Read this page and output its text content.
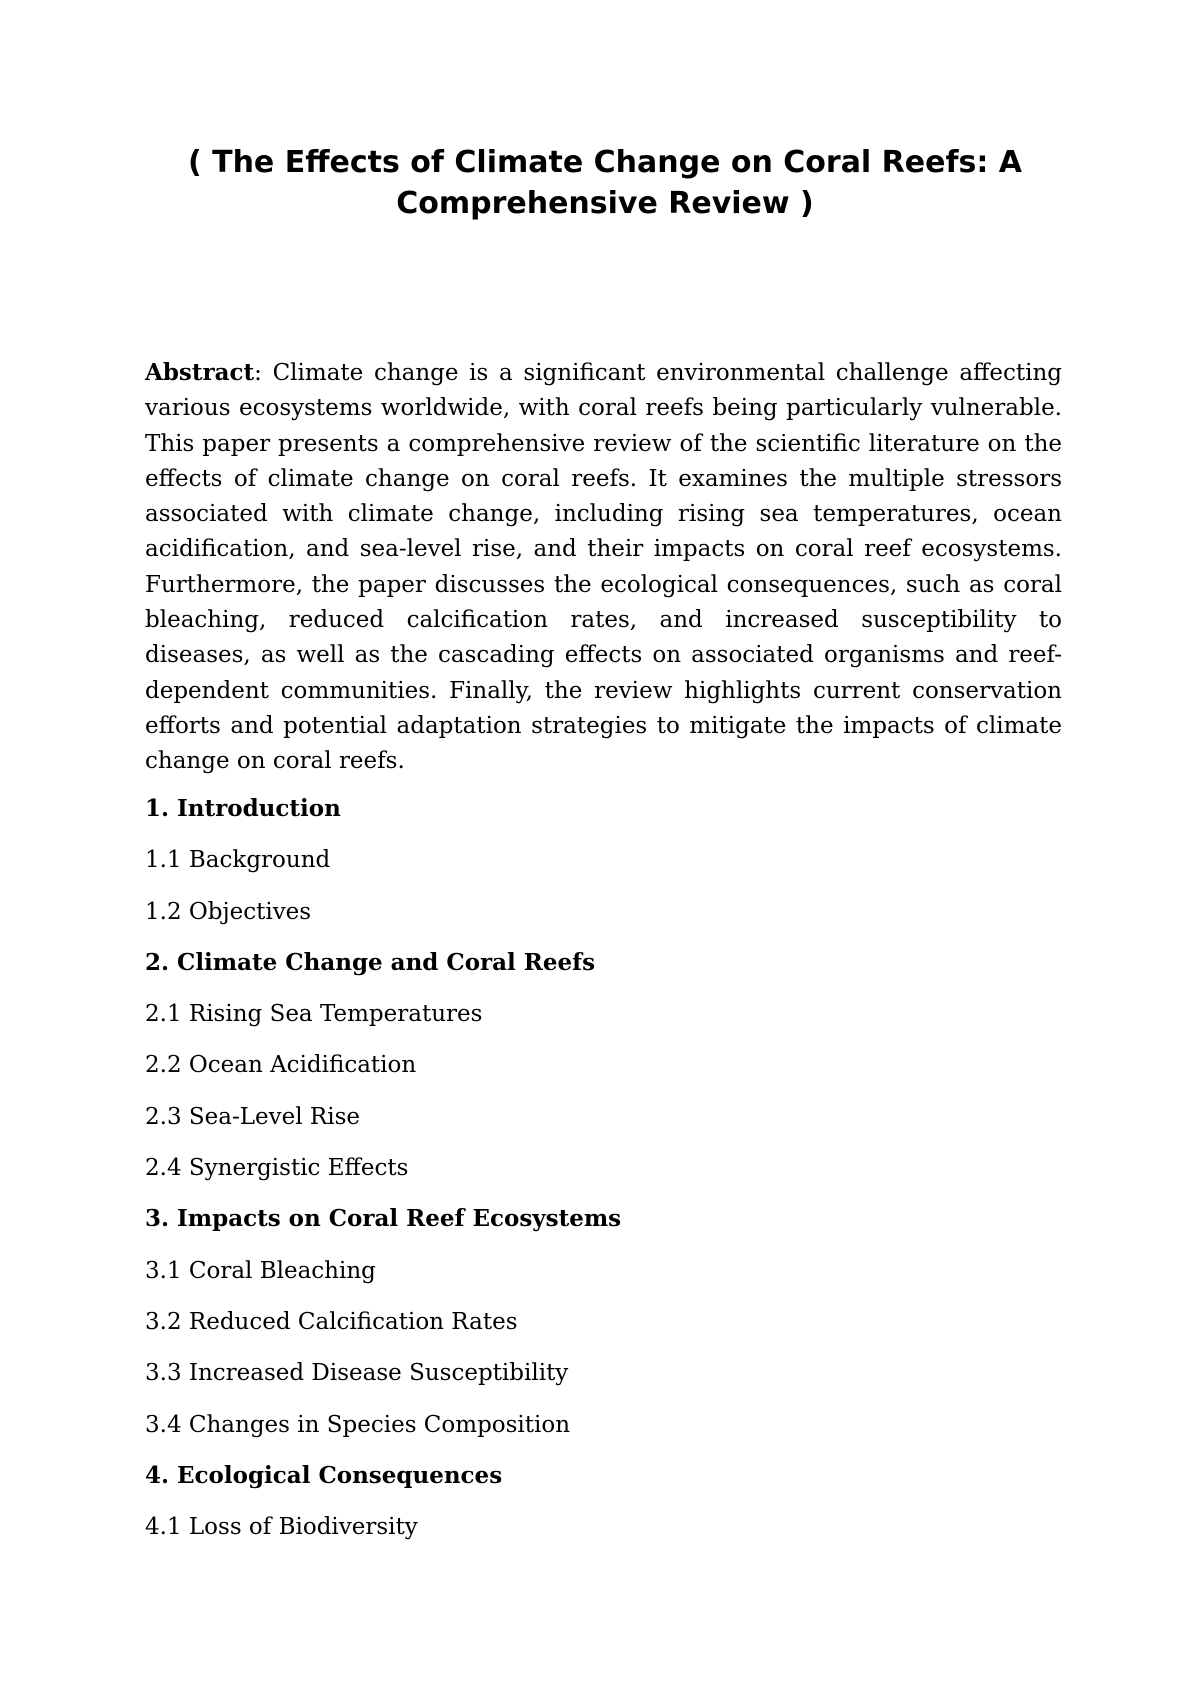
( The Effects of Climate Change on Coral Reefs: A Comprehensive Review )

Abstract: Climate change is a significant environmental challenge affecting various ecosystems worldwide, with coral reefs being particularly vulnerable. This paper presents a comprehensive review of the scientific literature on the effects of climate change on coral reefs. It examines the multiple stressors associated with climate change, including rising sea temperatures, ocean acidification, and sea-level rise, and their impacts on coral reef ecosystems. Furthermore, the paper discusses the ecological consequences, such as coral bleaching, reduced calcification rates, and increased susceptibility to diseases, as well as the cascading effects on associated organisms and reef-dependent communities. Finally, the review highlights current conservation efforts and potential adaptation strategies to mitigate the impacts of climate change on coral reefs.

1. Introduction
1.1 Background
1.2 Objectives
2. Climate Change and Coral Reefs
2.1 Rising Sea Temperatures
2.2 Ocean Acidification
2.3 Sea-Level Rise
2.4 Synergistic Effects
3. Impacts on Coral Reef Ecosystems
3.1 Coral Bleaching
3.2 Reduced Calcification Rates
3.3 Increased Disease Susceptibility
3.4 Changes in Species Composition
4. Ecological Consequences
4.1 Loss of Biodiversity
